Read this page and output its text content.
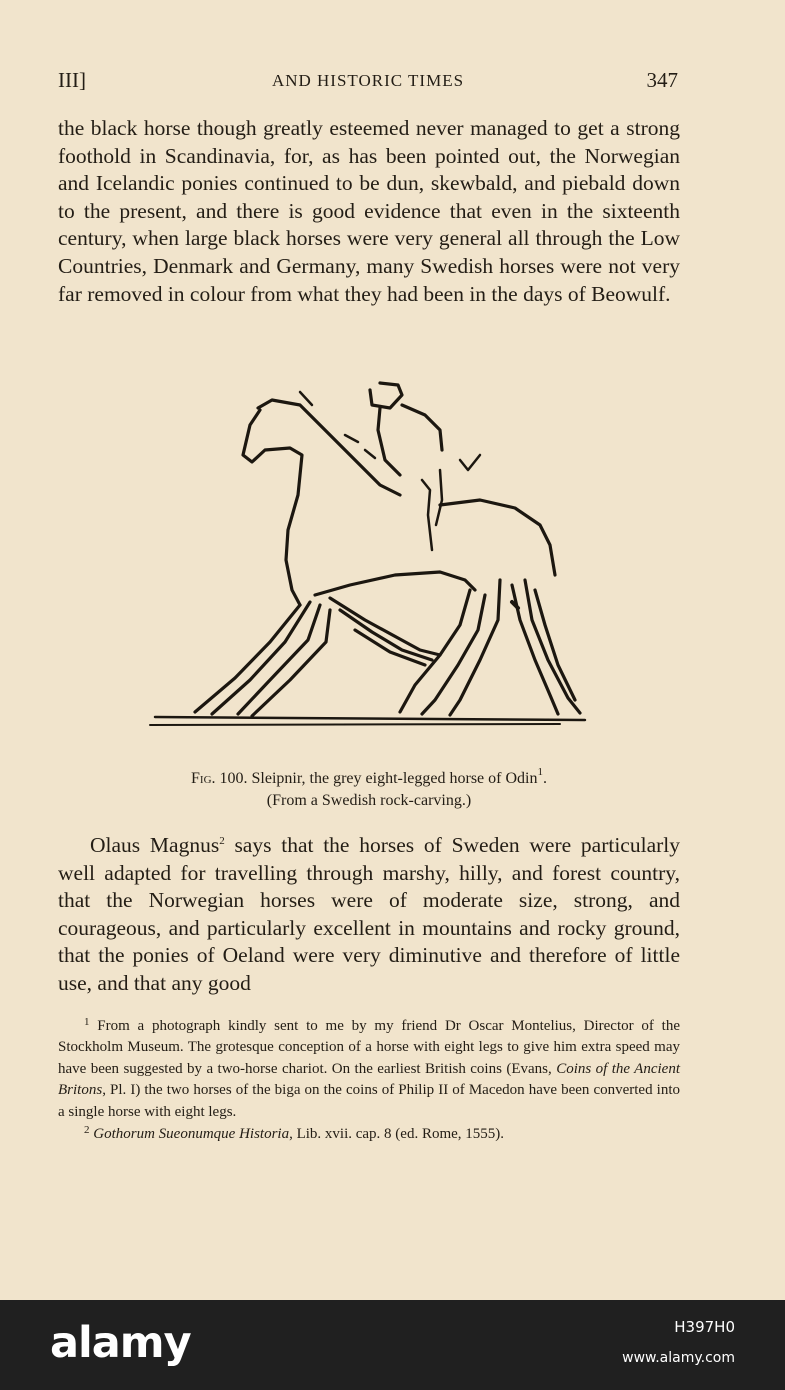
III]	AND HISTORIC TIMES	347

the black horse though greatly esteemed never managed to get a strong foothold in Scandinavia, for, as has been pointed out, the Norwegian and Icelandic ponies continued to be dun, skewbald, and piebald down to the present, and there is good evidence that even in the sixteenth century, when large black horses were very general all through the Low Countries, Denmark and Germany, many Swedish horses were not very far removed in colour from what they had been in the days of Beowulf.

Fig. 100. Sleipnir, the grey eight-legged horse of Odin$^1$.
(From a Swedish rock-carving.)

Olaus Magnus$^2$ says that the horses of Sweden were particularly well adapted for travelling through marshy, hilly, and forest country, that the Norwegian horses were of moderate size, strong, and courageous, and particularly excellent in mountains and rocky ground, that the ponies of Oeland were very diminutive and therefore of little use, and that any good

$^1$ From a photograph kindly sent to me by my friend Dr Oscar Montelius, Director of the Stockholm Museum. The grotesque conception of a horse with eight legs to give him extra speed may have been suggested by a two-horse chariot. On the earliest British coins (Evans, Coins of the Ancient Britons, Pl. I) the two horses of the biga on the coins of Philip II of Macedon have been converted into a single horse with eight legs.

$^2$ Gothorum Sueonumque Historia, Lib. xvii. cap. 8 (ed. Rome, 1555).

alamy	H397H0
www.alamy.com
